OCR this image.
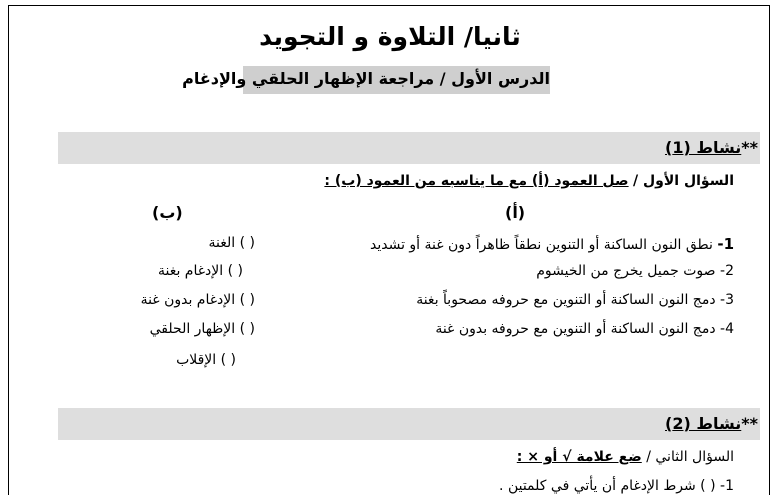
ثانيا/ التلاوة و التجويد
الدرس الأول / مراجعة الإظهار الحلقي والإدغام
**نشاط (1)
السؤال الأول / صل العمود (أ) مع ما يناسبه من العمود (ب) :
(أ)
(ب)
1- نطق النون الساكنة أو التنوين نطقاً ظاهراً دون غنة أو تشديد
2- صوت جميل يخرج من الخيشوم
3- دمج النون الساكنة أو التنوين مع حروفه مصحوباً بغنة
4- دمج النون الساكنة أو التنوين مع حروفه بدون غنة
( ) الغنة
( ) الإدغام بغنة
( ) الإدغام بدون غنة
( ) الإظهار الحلقي
( ) الإقلاب
**نشاط (2)
السؤال الثاني / ضع علامة √ أو × :
1- ( ) شرط الإدغام أن يأتي في كلمتين .
